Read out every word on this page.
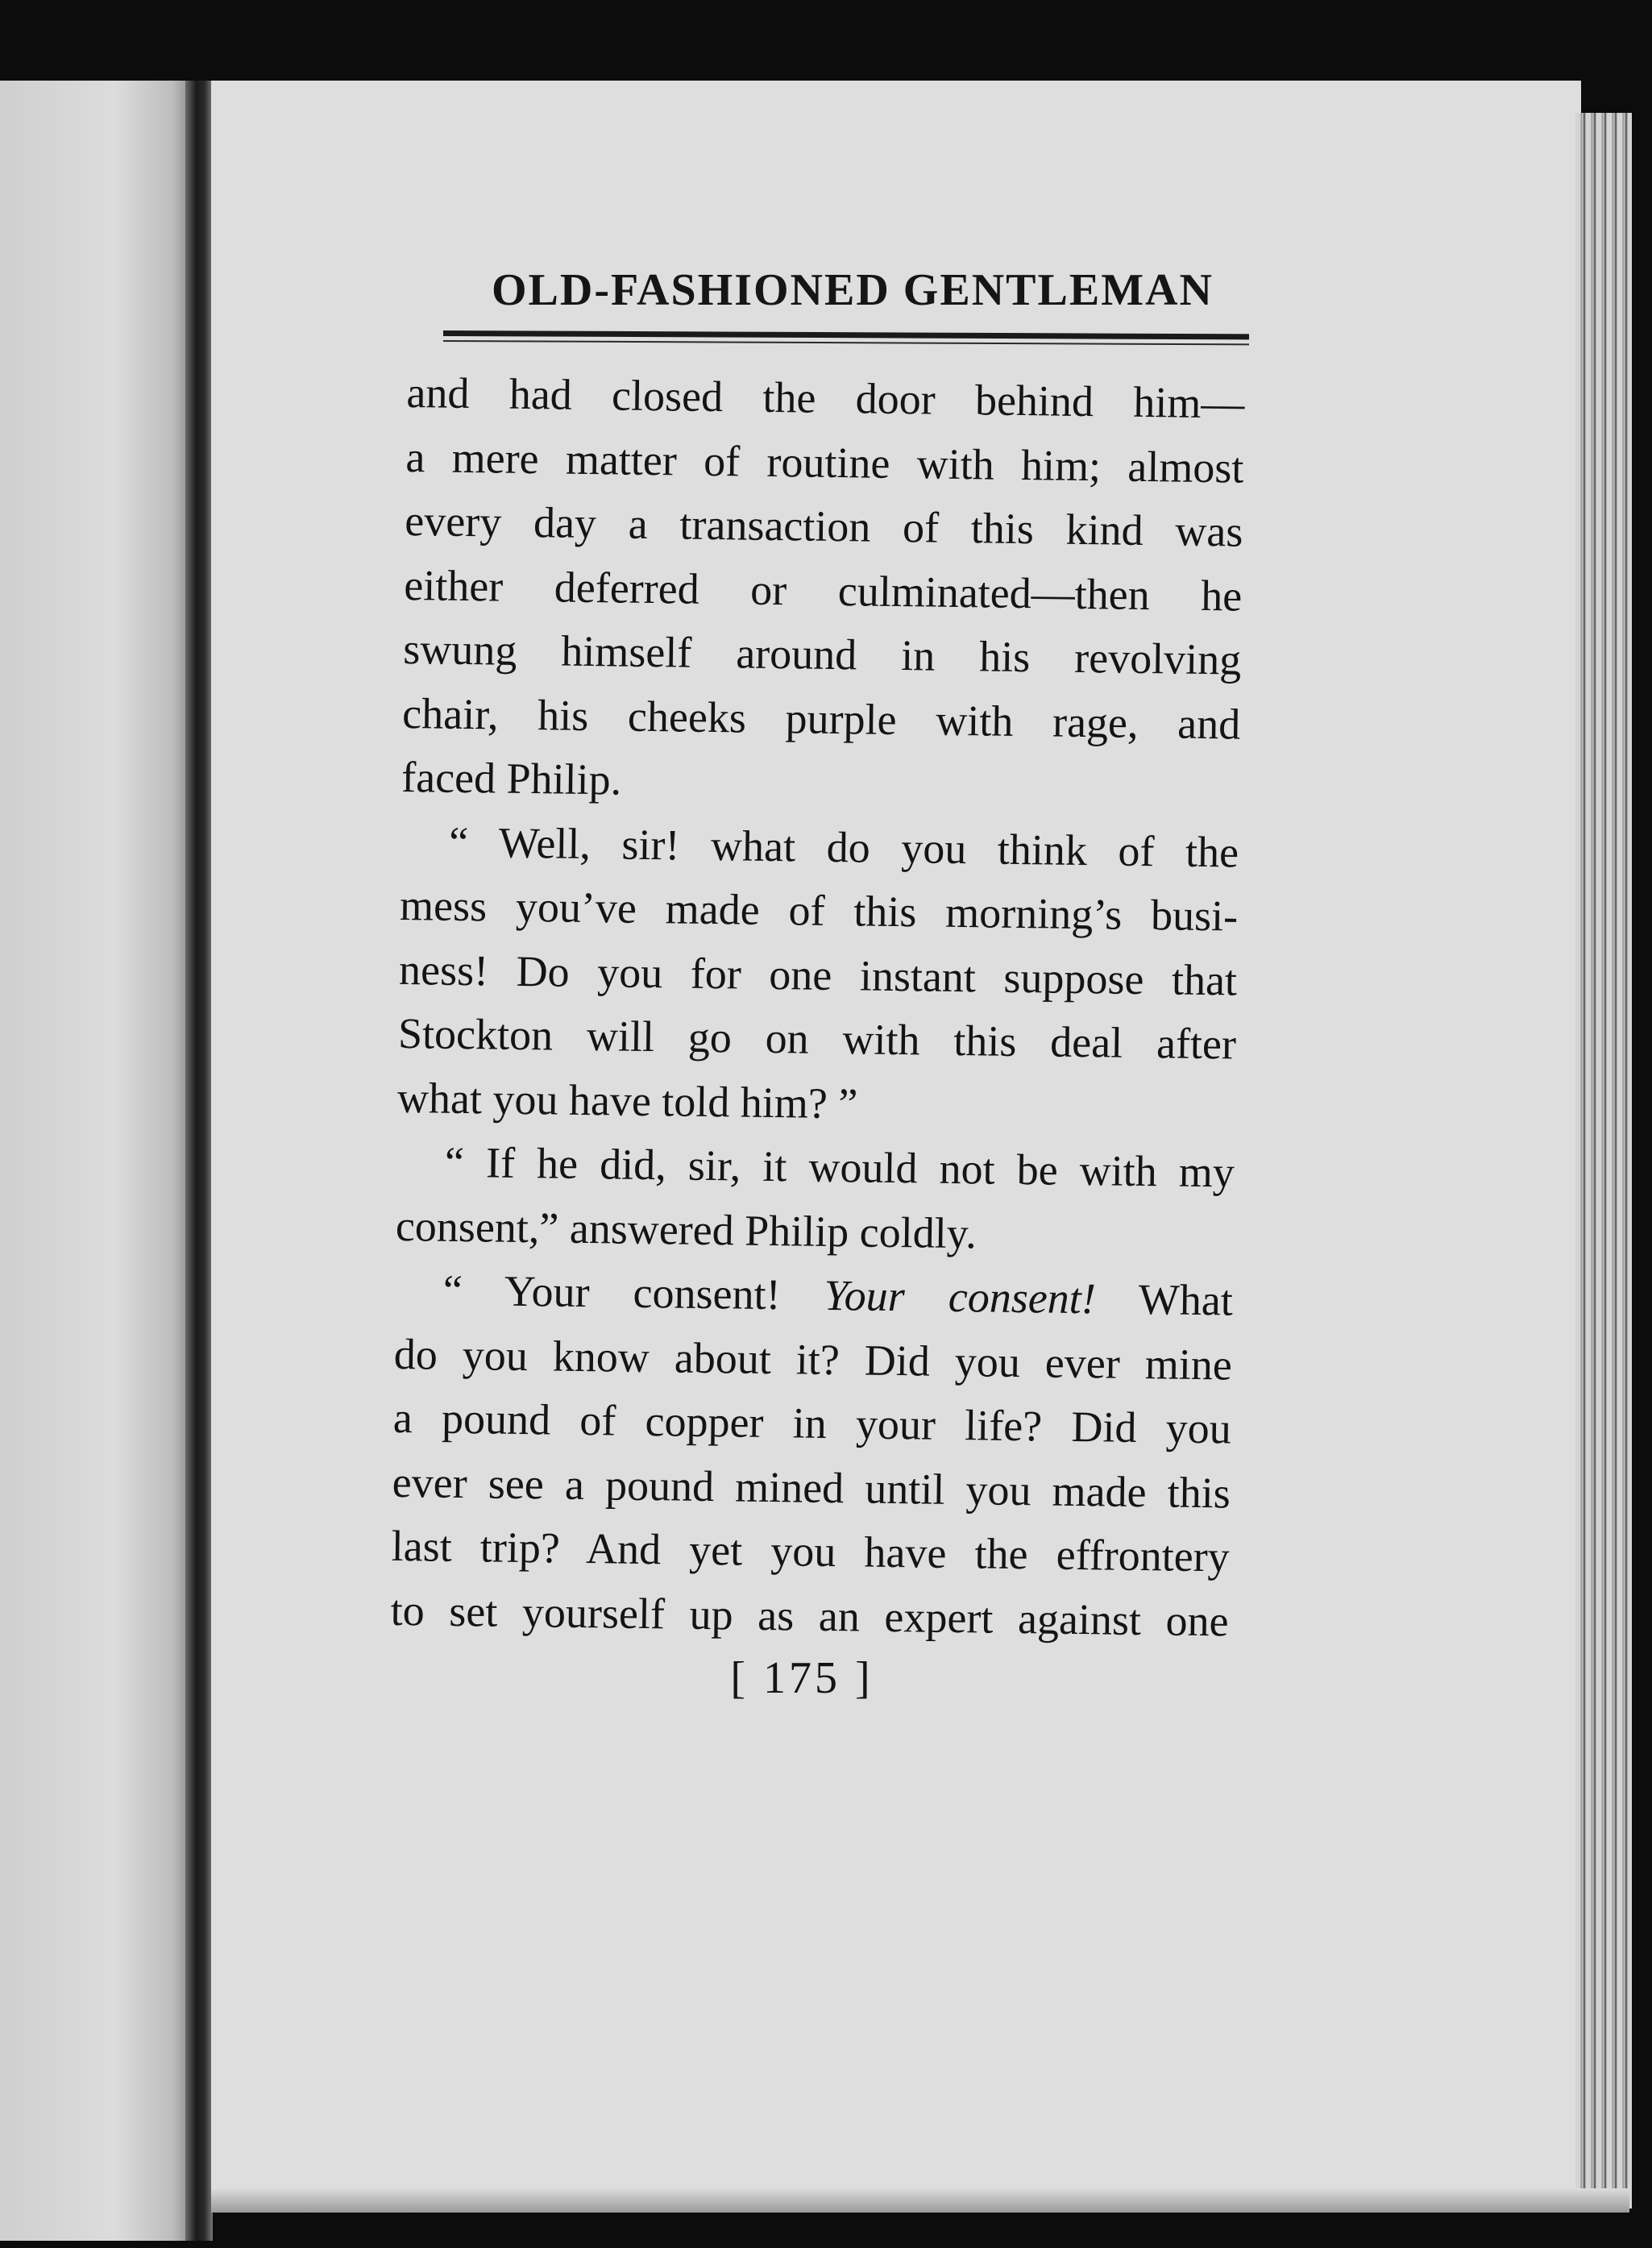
OLD-FASHIONED GENTLEMAN
and had closed the door behind him—
a mere matter of routine with him; almost
every day a transaction of this kind was
either deferred or culminated—then he
swung himself around in his revolving
chair, his cheeks purple with rage, and
faced Philip.
“ Well, sir! what do you think of the
mess you’ve made of this morning’s busi-
ness! Do you for one instant suppose that
Stockton will go on with this deal after
what you have told him? ”
“ If he did, sir, it would not be with my
consent,” answered Philip coldly.
“ Your consent! Your consent! What
do you know about it? Did you ever mine
a pound of copper in your life? Did you
ever see a pound mined until you made this
last trip? And yet you have the effrontery
to set yourself up as an expert against one
[ 175 ]
